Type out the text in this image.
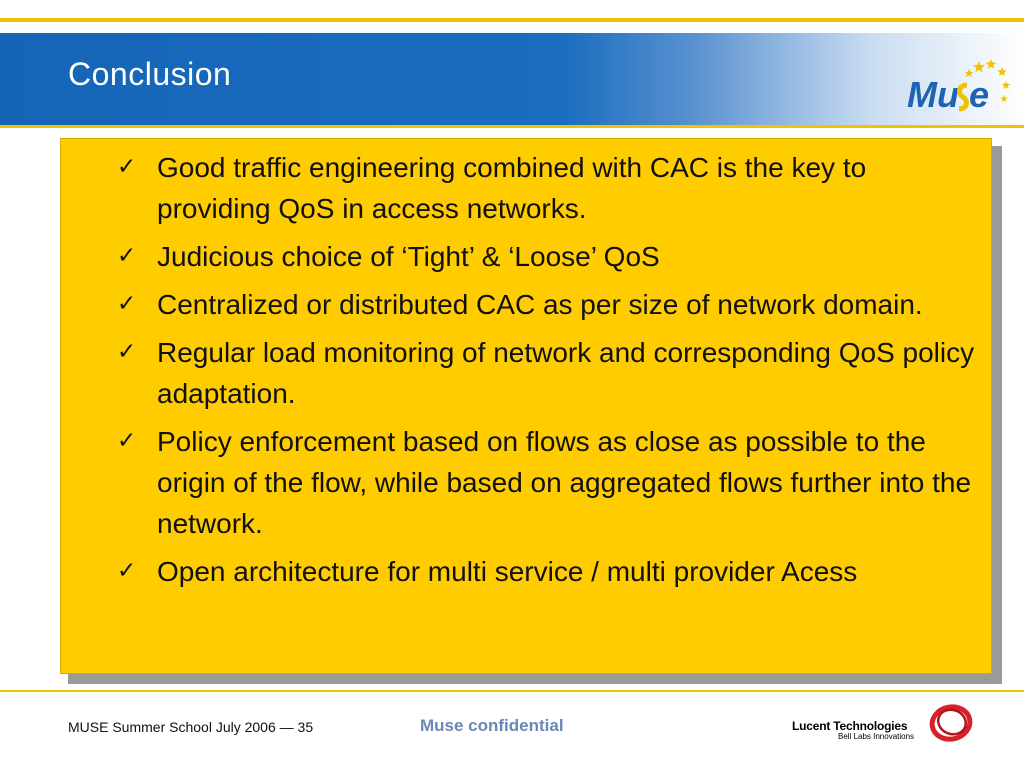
Conclusion	Mu e
✓ Good traffic engineering combined with CAC is the key to providing QoS in access networks.
✓ Judicious choice of ‘Tight’ & ‘Loose’ QoS
✓ Centralized or distributed CAC as per size of network domain.
✓ Regular load monitoring of network and corresponding QoS policy adaptation.
✓ Policy enforcement based on flows as close as possible to the origin of the flow, while based on aggregated flows further into the network.
✓ Open architecture for multi service / multi provider Acess
MUSE Summer School July 2006 — 35	Muse confidential	Lucent Technologies
Bell Labs Innovations
